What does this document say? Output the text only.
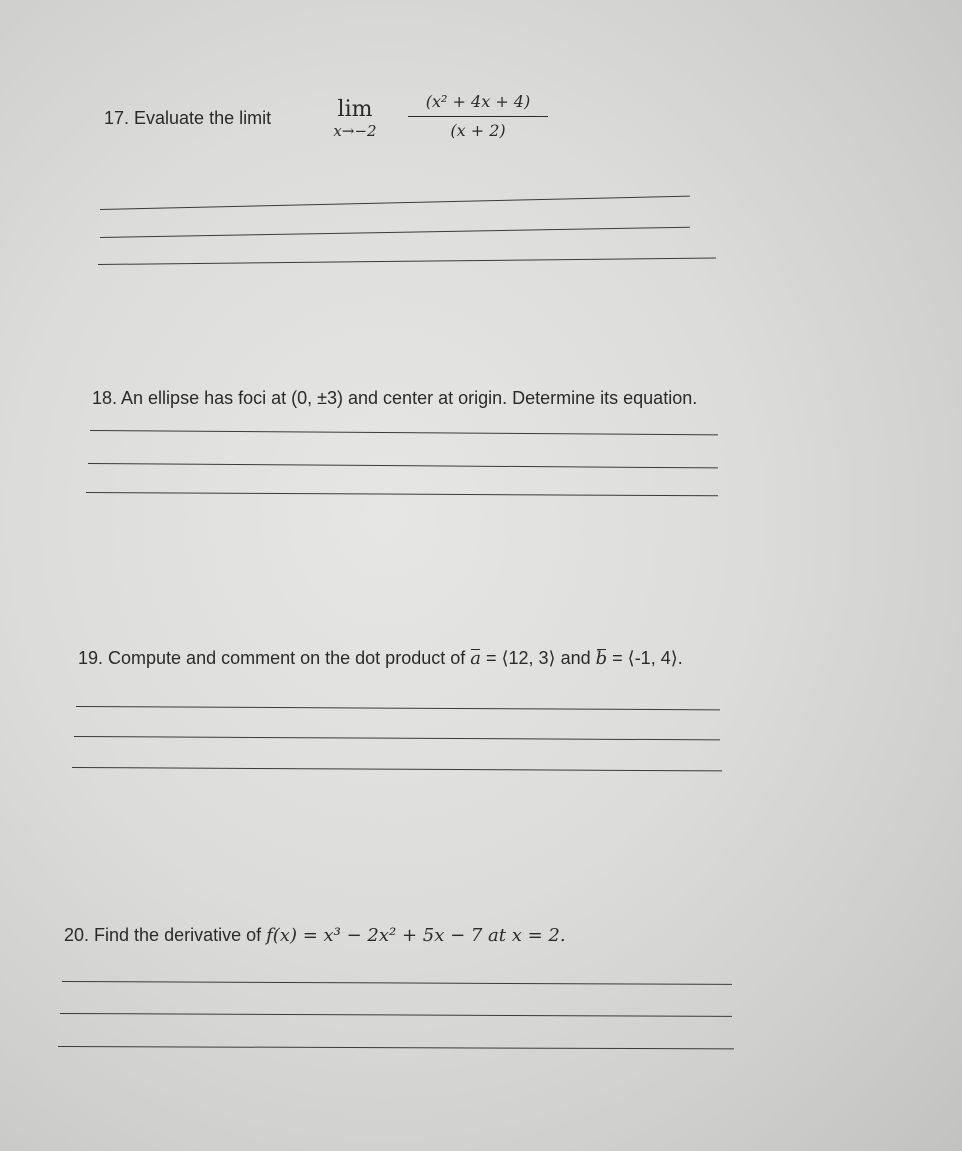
17. Evaluate the limit	lim
x→−2
(x² + 4x + 4)
(x + 2)
18. An ellipse has foci at (0, ±3) and center at origin. Determine its equation.
19. Compute and comment on the dot product of a = ⟨12, 3⟩ and b = ⟨-1, 4⟩.
20. Find the derivative of f(x) = x³ − 2x² + 5x − 7 at x = 2.
